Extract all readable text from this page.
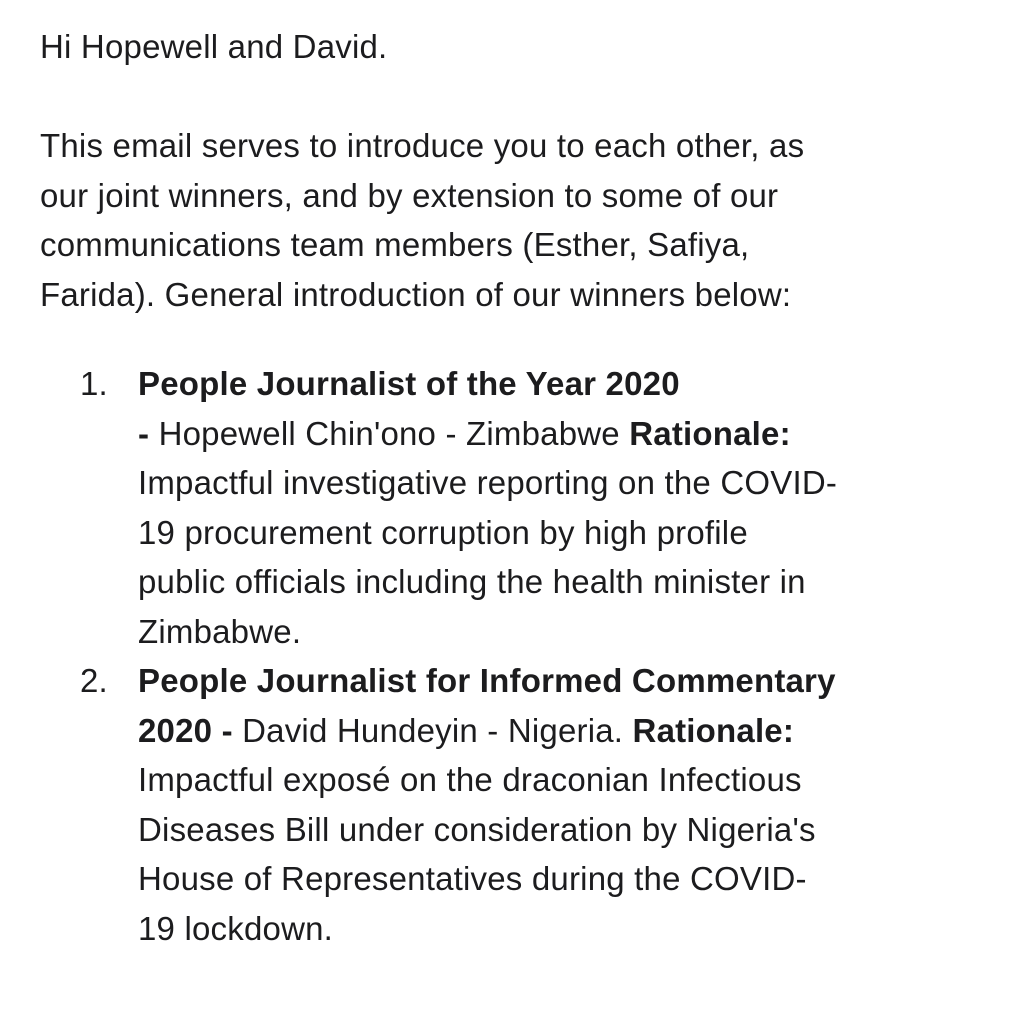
Hi Hopewell and David.

This email serves to introduce you to each other, as
our joint winners, and by extension to some of our
communications team members (Esther, Safiya,
Farida). General introduction of our winners below:

1. People Journalist of the Year 2020
- Hopewell Chin'ono - Zimbabwe Rationale:
Impactful investigative reporting on the COVID-
19 procurement corruption by high profile
public officials including the health minister in
Zimbabwe.
2. People Journalist for Informed Commentary
2020 - David Hundeyin - Nigeria. Rationale:
Impactful exposé on the draconian Infectious
Diseases Bill under consideration by Nigeria's
House of Representatives during the COVID-
19 lockdown.
